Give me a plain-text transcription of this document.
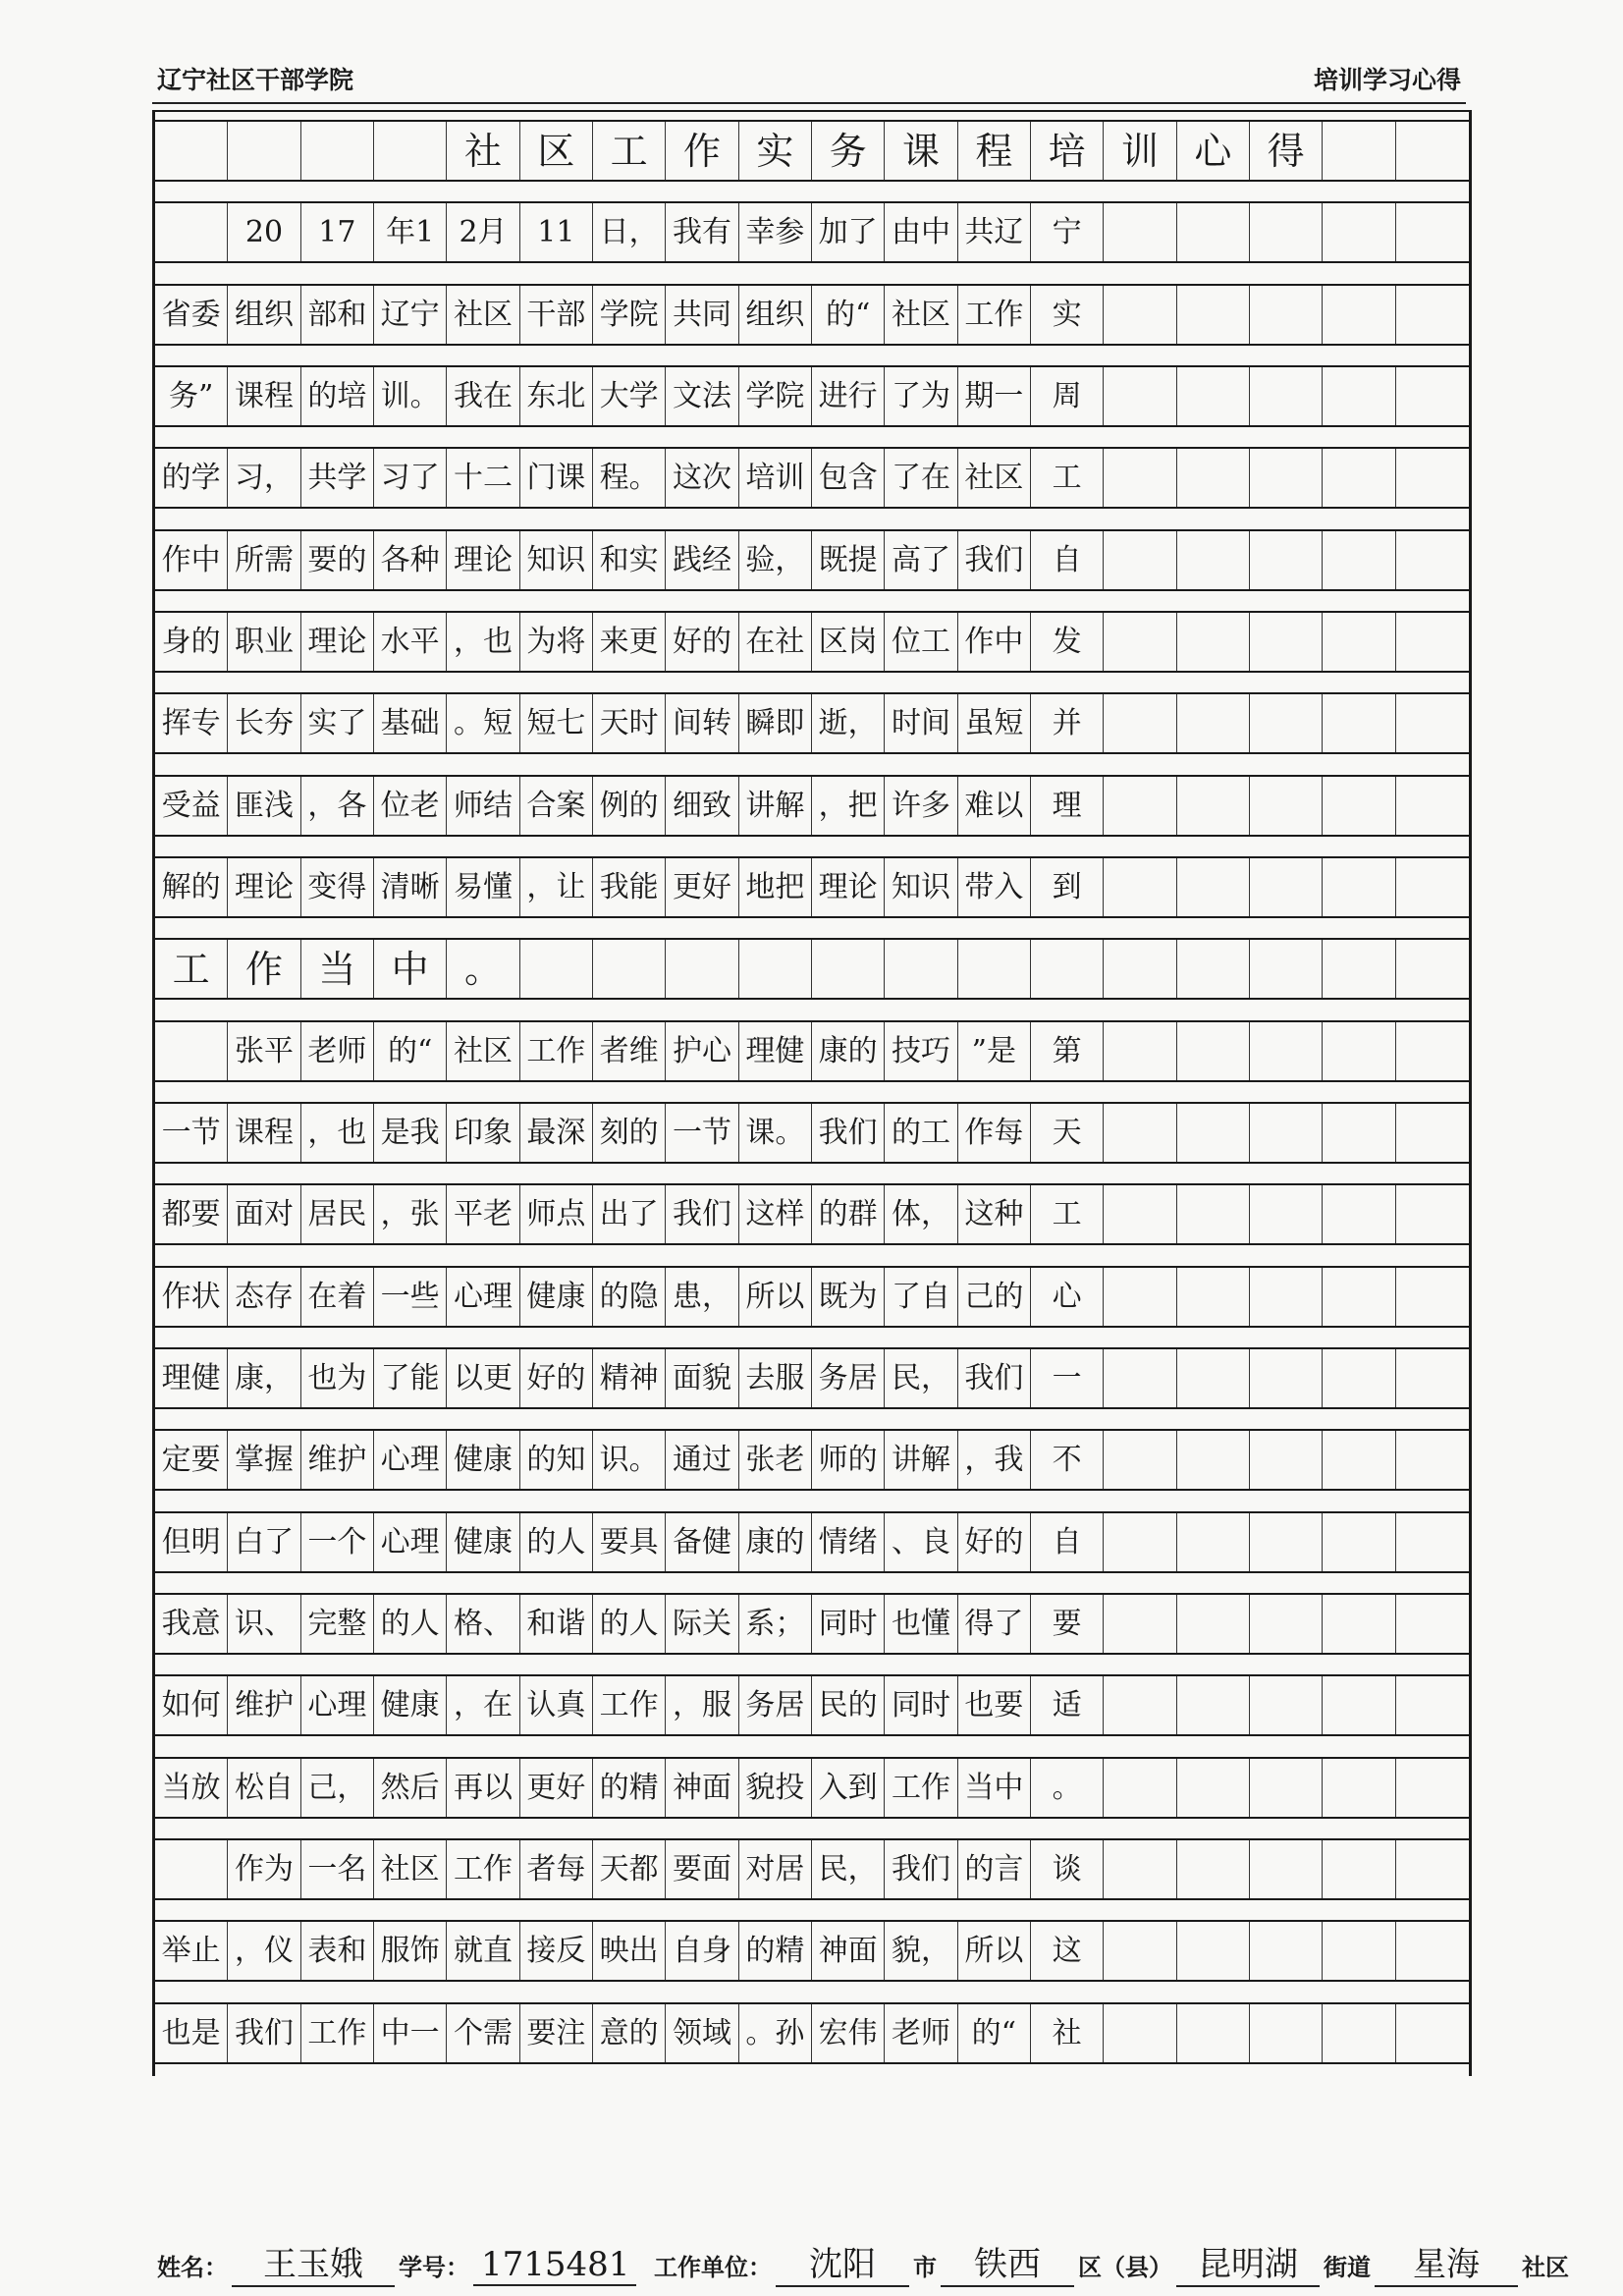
辽宁社区干部学院	培训学习心得
社 区 工 作 实 务 课 程 培 训 心 得
20	17	年1 2月	11 日， 我有 幸参 加了 由中 共辽 宁
省委 组织 部和 辽宁 社区 干部 学院 共同 组织 的“ 社区 工作 实
务” 课程 的培 训。 我在 东北 大学 文法 学院 进行 了为 期一 周
的学 习， 共学 习了 十二 门课 程。 这次 培训 包含 了在 社区 工
作中 所需 要的 各种 理论 知识 和实 践经 验， 既提 高了 我们 自
身的 职业 理论 水平 ，也 为将 来更 好的 在社 区岗 位工 作中 发
挥专 长夯 实了 基础 。短 短七 天时 间转 瞬即 逝， 时间 虽短 并
受益 匪浅 ，各 位老 师结 合案 例的 细致 讲解 ，把 许多 难以 理
解的 理论 变得 清晰 易懂 ，让 我能 更好 地把 理论 知识 带入 到
工 作 当 中 。
张平 老师 的“ 社区 工作 者维 护心 理健 康的 技巧 ”是	第
一节 课程 ，也 是我 印象 最深 刻的 一节 课。 我们 的工 作每 天
都要 面对 居民 ，张 平老 师点 出了 我们 这样 的群 体， 这种 工
作状 态存 在着 一些 心理 健康 的隐 患， 所以 既为 了自 己的 心
理健 康， 也为 了能 以更 好的 精神 面貌 去服 务居 民， 我们 一
定要 掌握 维护 心理 健康 的知 识。 通过 张老 师的 讲解 ，我 不
但明 白了 一个 心理 健康 的人 要具 备健 康的 情绪 、良 好的 自
我意 识、 完整 的人 格、 和谐 的人 际关 系； 同时 也懂 得了 要
如何 维护 心理 健康 ，在 认真 工作 ，服 务居 民的 同时 也要 适
当放 松自 己， 然后 再以 更好 的精 神面 貌投 入到 工作 当中 。
作为 一名 社区 工作 者每 天都 要面 对居 民， 我们 的言 谈
举止 ，仪 表和 服饰 就直 接反 映出 自身 的精 神面 貌， 所以 这
也是 我们 工作 中一 个需 要注 意的 领域 。孙 宏伟 老师 的“	社
姓名：	王玉娥	学号： 1715481 工作单位：	沈阳	市	铁西	区（县） 昆明湖	街道	星海	社区
